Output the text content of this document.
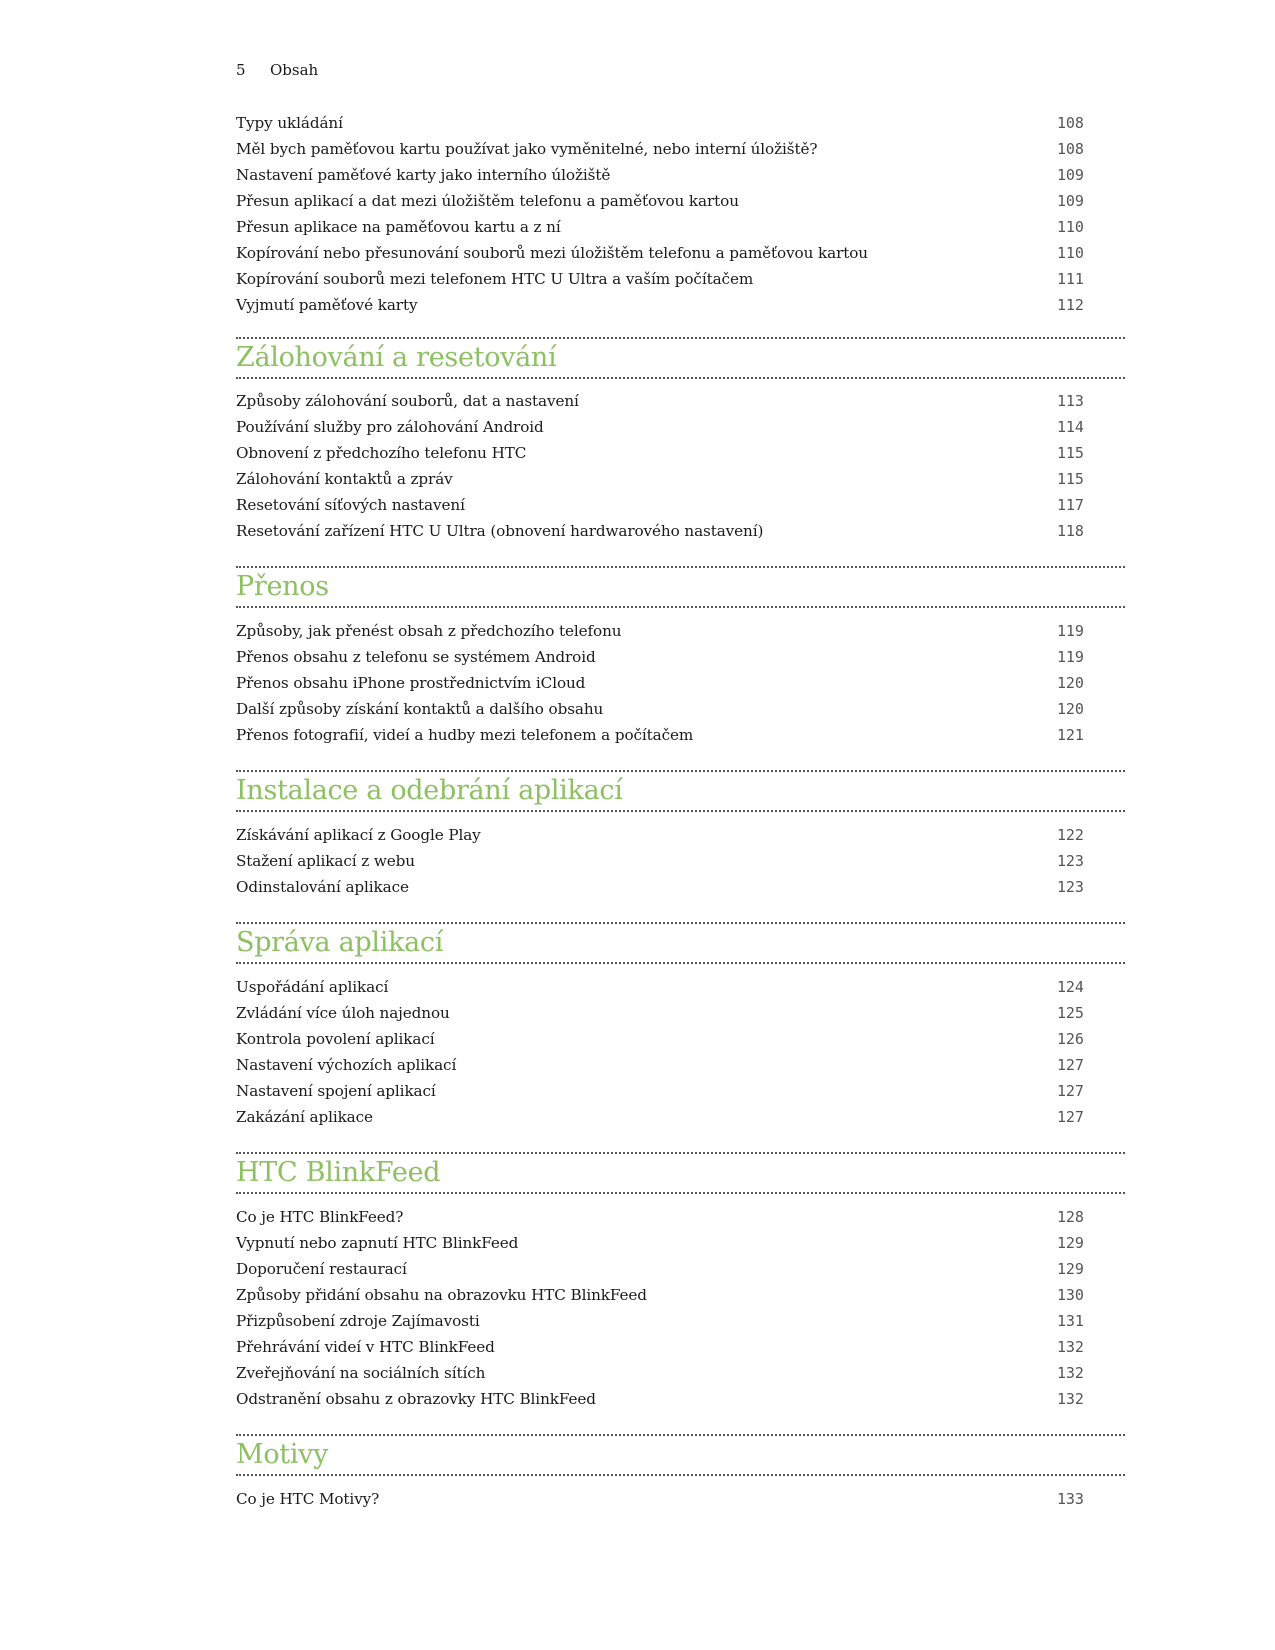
5 Obsah
Typy ukládání	108
Měl bych paměťovou kartu používat jako vyměnitelné, nebo interní úložiště?	108
Nastavení paměťové karty jako interního úložiště	109
Přesun aplikací a dat mezi úložištěm telefonu a paměťovou kartou	109
Přesun aplikace na paměťovou kartu a z ní	110
Kopírování nebo přesunování souborů mezi úložištěm telefonu a paměťovou kartou	110
Kopírování souborů mezi telefonem HTC U Ultra a vaším počítačem	111
Vyjmutí paměťové karty	112
Zálohování a resetování
Způsoby zálohování souborů, dat a nastavení	113
Používání služby pro zálohování Android	114
Obnovení z předchozího telefonu HTC	115
Zálohování kontaktů a zpráv	115
Resetování síťových nastavení	117
Resetování zařízení HTC U Ultra (obnovení hardwarového nastavení)	118
Přenos
Způsoby, jak přenést obsah z předchozího telefonu	119
Přenos obsahu z telefonu se systémem Android	119
Přenos obsahu iPhone prostřednictvím iCloud	120
Další způsoby získání kontaktů a dalšího obsahu	120
Přenos fotografií, videí a hudby mezi telefonem a počítačem	121
Instalace a odebrání aplikací
Získávání aplikací z Google Play	122
Stažení aplikací z webu	123
Odinstalování aplikace	123
Správa aplikací
Uspořádání aplikací	124
Zvládání více úloh najednou	125
Kontrola povolení aplikací	126
Nastavení výchozích aplikací	127
Nastavení spojení aplikací	127
Zakázání aplikace	127
HTC BlinkFeed
Co je HTC BlinkFeed?	128
Vypnutí nebo zapnutí HTC BlinkFeed	129
Doporučení restaurací	129
Způsoby přidání obsahu na obrazovku HTC BlinkFeed	130
Přizpůsobení zdroje Zajímavosti	131
Přehrávání videí v HTC BlinkFeed	132
Zveřejňování na sociálních sítích	132
Odstranění obsahu z obrazovky HTC BlinkFeed	132
Motivy
Co je HTC Motivy?	133
